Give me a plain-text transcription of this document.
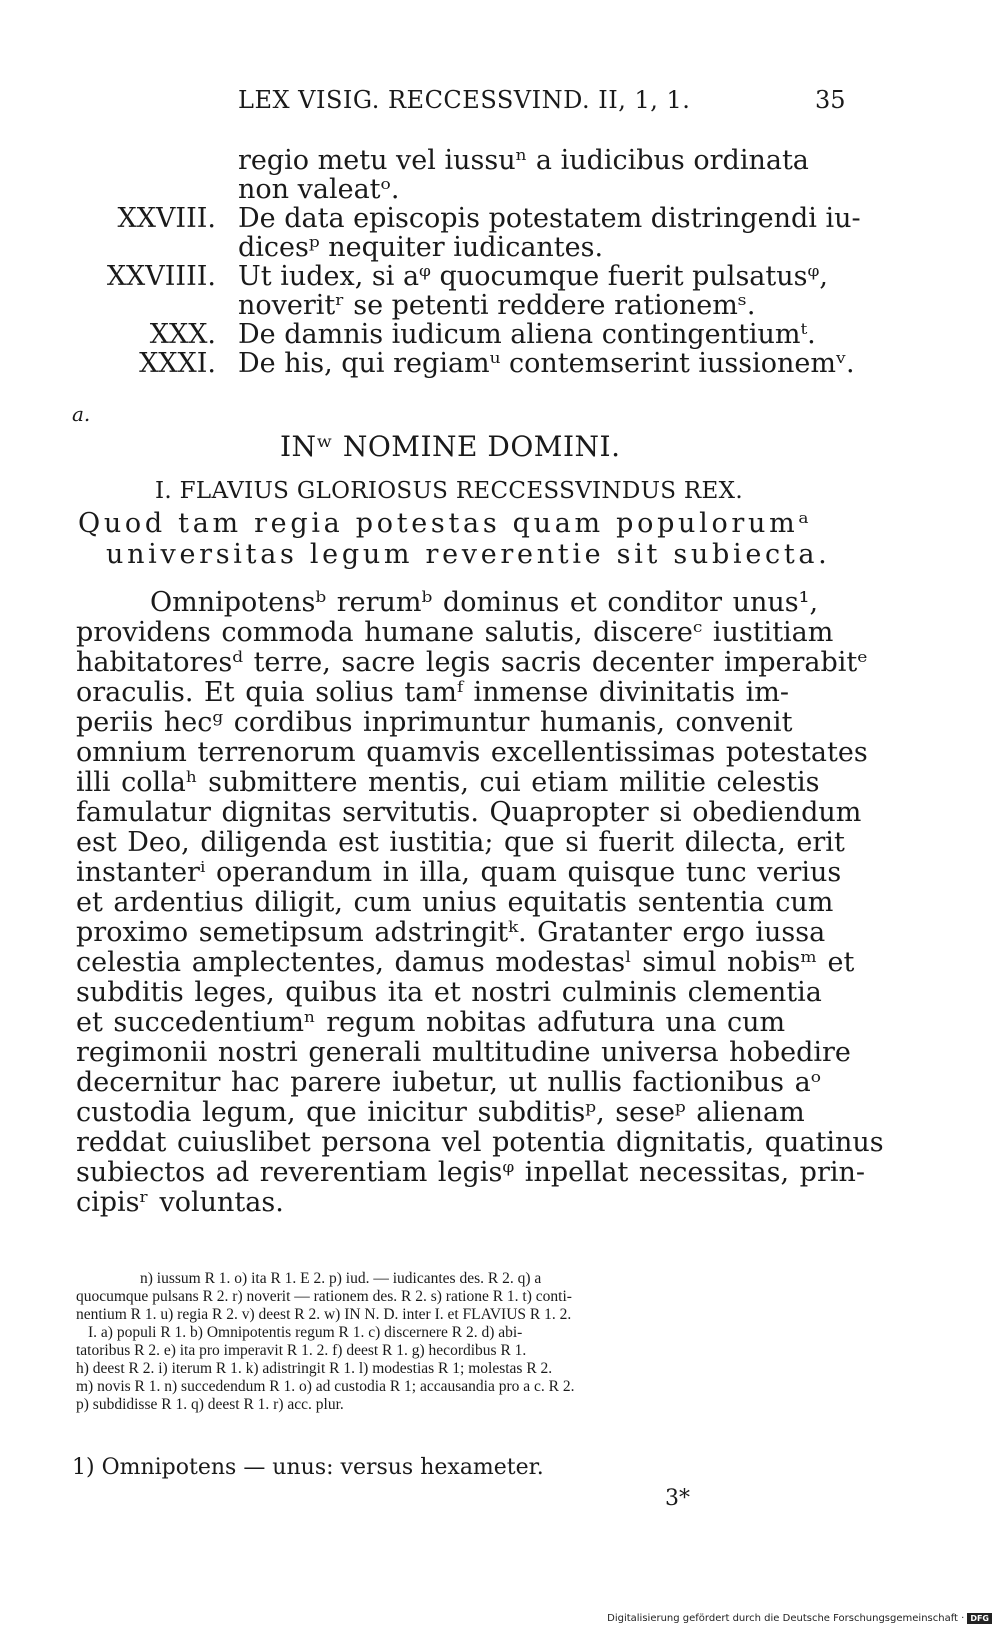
LEX VISIG. RECCESSVIND. II, 1, 1.	35
regio metu vel iussuⁿ a iudicibus ordinata
non valeatᵒ.
XXVIII. De data episcopis potestatem distringendi iu-
dicesᵖ nequiter iudicantes.
XXVIIII. Ut iudex, si aᵠ quocumque fuerit pulsatusᵠ,
noveritʳ se petenti reddere rationemˢ.
XXX. De damnis iudicum aliena contingentiumᵗ.
XXXI. De his, qui regiamᵘ contemserint iussionemᵛ.
a.
INʷ NOMINE DOMINI.
I. FLAVIUS GLORIOSUS RECCESSVINDUS REX.
Quod tam regia potestas quam populorumᵃ
universitas legum reverentie sit subiecta.

Omnipotensᵇ rerumᵇ dominus et conditor unus¹,

providens commoda humane salutis, discereᶜ iustitiam

habitatoresᵈ terre, sacre legis sacris decenter imperabitᵉ

oraculis. Et quia solius tamᶠ inmense divinitatis im-

periis hecᵍ cordibus inprimuntur humanis, convenit

omnium terrenorum quamvis excellentissimas potestates

illi collaʰ submittere mentis, cui etiam militie celestis

famulatur dignitas servitutis. Quapropter si obediendum

est Deo, diligenda est iustitia; que si fuerit dilecta, erit

instanterⁱ operandum in illa, quam quisque tunc verius

et ardentius diligit, cum unius equitatis sententia cum

proximo semetipsum adstringitᵏ. Gratanter ergo iussa

celestia amplectentes, damus modestasˡ simul nobisᵐ et

subditis leges, quibus ita et nostri culminis clementia

et succedentiumⁿ regum nobitas adfutura una cum

regimonii nostri generali multitudine universa hobedire

decernitur hac parere iubetur, ut nullis factionibus aᵒ

custodia legum, que inicitur subditisᵖ, seseᵖ alienam

reddat cuiuslibet persona vel potentia dignitatis, quatinus

subiectos ad reverentiam legisᵠ inpellat necessitas, prin-

cipisʳ voluntas.

n) iussum R 1. o) ita R 1. E 2. p) iud. — iudicantes des. R 2. q) a
quocumque pulsans R 2. r) noverit — rationem des. R 2. s) ratione R 1. t) conti-
nentium R 1. u) regia R 2. v) deest R 2. w) IN N. D. inter I. et FLAVIUS R 1. 2.
I. a) populi R 1. b) Omnipotentis regum R 1. c) discernere R 2. d) abi-
tatoribus R 2. e) ita pro imperavit R 1. 2. f) deest R 1. g) hecordibus R 1.
h) deest R 2. i) iterum R 1. k) adistringit R 1. l) modestias R 1; molestas R 2.
m) novis R 1. n) succedendum R 1. o) ad custodia R 1; accausandia pro a c. R 2.
p) subdidisse R 1. q) deest R 1. r) acc. plur.
1) Omnipotens — unus: versus hexameter.
3*
Digitalisierung gefördert durch die Deutsche Forschungsgemeinschaft · DFG
